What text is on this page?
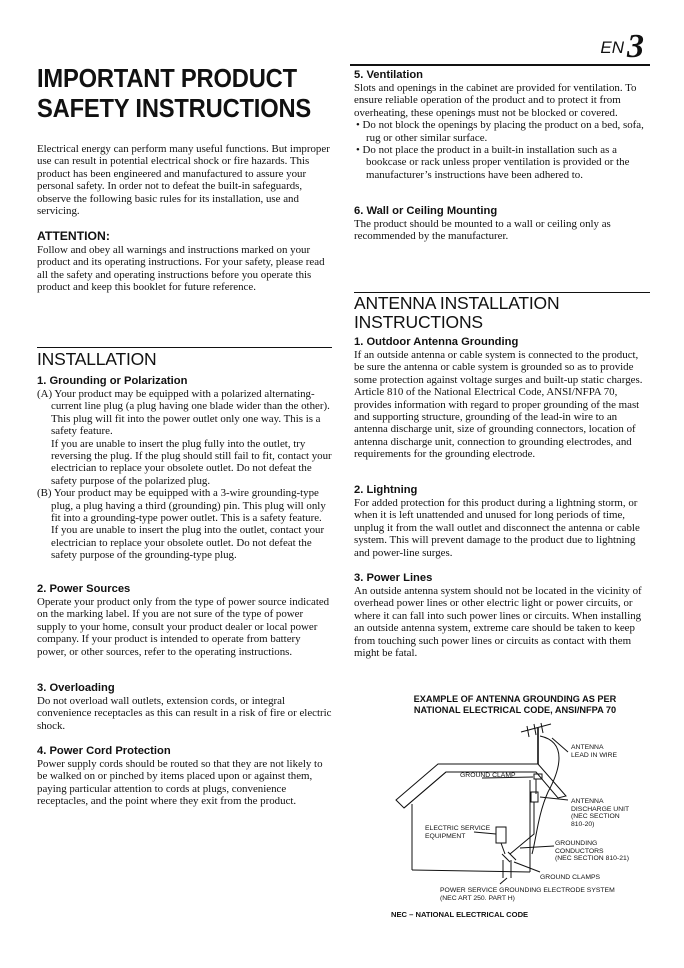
EN3
IMPORTANT PRODUCT
SAFETY INSTRUCTIONS

Electrical energy can perform many useful functions. But improper use can result in potential electrical shock or fire hazards. This product has been engineered and manufactured to assure your personal safety. In order not to defeat the built-in safeguards, observe the following basic rules for its installation, use and servicing.

ATTENTION:

Follow and obey all warnings and instructions marked on your product and its operating instructions. For your safety, please read all the safety and operating instructions before you operate this product and keep this booklet for future reference.

INSTALLATION
1. Grounding or Polarization

(A) Your product may be equipped with a polarized alternating-current line plug (a plug having one blade wider than the other). This plug will fit into the power outlet only one way. This is a safety feature.

If you are unable to insert the plug fully into the outlet, try reversing the plug. If the plug should still fail to fit, contact your electrician to replace your obsolete outlet. Do not defeat the safety purpose of the polarized plug.

(B) Your product may be equipped with a 3-wire grounding-type plug, a plug having a third (grounding) pin. This plug will only fit into a grounding-type power outlet. This is a safety feature.

If you are unable to insert the plug into the outlet, contact your electrician to replace your obsolete outlet. Do not defeat the safety purpose of the grounding-type plug.

2. Power Sources

Operate your product only from the type of power source indicated on the marking label. If you are not sure of the type of power supply to your home, consult your product dealer or local power company. If your product is intended to operate from battery power, or other sources, refer to the operating instructions.

3. Overloading

Do not overload wall outlets, extension cords, or integral convenience receptacles as this can result in a risk of fire or electric shock.

4. Power Cord Protection

Power supply cords should be routed so that they are not likely to be walked on or pinched by items placed upon or against them, paying particular attention to cords at plugs, convenience receptacles, and the point where they exit from the product.

5. Ventilation

Slots and openings in the cabinet are provided for ventilation. To ensure reliable operation of the product and to protect it from overheating, these openings must not be blocked or covered.

• Do not block the openings by placing the product on a bed, sofa, rug or other similar surface.

• Do not place the product in a built-in installation such as a bookcase or rack unless proper ventilation is provided or the manufacturer’s instructions have been adhered to.

6. Wall or Ceiling Mounting

The product should be mounted to a wall or ceiling only as recommended by the manufacturer.

ANTENNA INSTALLATION
INSTRUCTIONS
1. Outdoor Antenna Grounding

If an outside antenna or cable system is connected to the product, be sure the antenna or cable system is grounded so as to provide some protection against voltage surges and built-up static charges. Article 810 of the National Electrical Code, ANSI/NFPA 70, provides information with regard to proper grounding of the mast and supporting structure, grounding of the lead-in wire to an antenna discharge unit, size of grounding connectors, location of antenna discharge unit, connection to grounding electrodes, and requirements for the grounding electrode.

2. Lightning

For added protection for this product during a lightning storm, or when it is left unattended and unused for long periods of time, unplug it from the wall outlet and disconnect the antenna or cable system. This will prevent damage to the product due to lightning and power-line surges.

3. Power Lines

An outside antenna system should not be located in the vicinity of overhead power lines or other electric light or power circuits, or where it can fall into such power lines or circuits. When installing an outside antenna system, extreme care should be taken to keep from touching such power lines or circuits as contact with them might be fatal.

EXAMPLE OF ANTENNA GROUNDING AS PER
NATIONAL ELECTRICAL CODE, ANSI/NFPA 70
ANTENNA
LEAD IN WIRE
GROUND CLAMP
ANTENNA
DISCHARGE UNIT
(NEC SECTION
810-20)
ELECTRIC SERVICE
EQUIPMENT
GROUNDING
CONDUCTORS
(NEC SECTION 810-21)
GROUND CLAMPS
POWER SERVICE GROUNDING ELECTRODE SYSTEM
(NEC ART 250. PART H)
NEC – NATIONAL ELECTRICAL CODE
